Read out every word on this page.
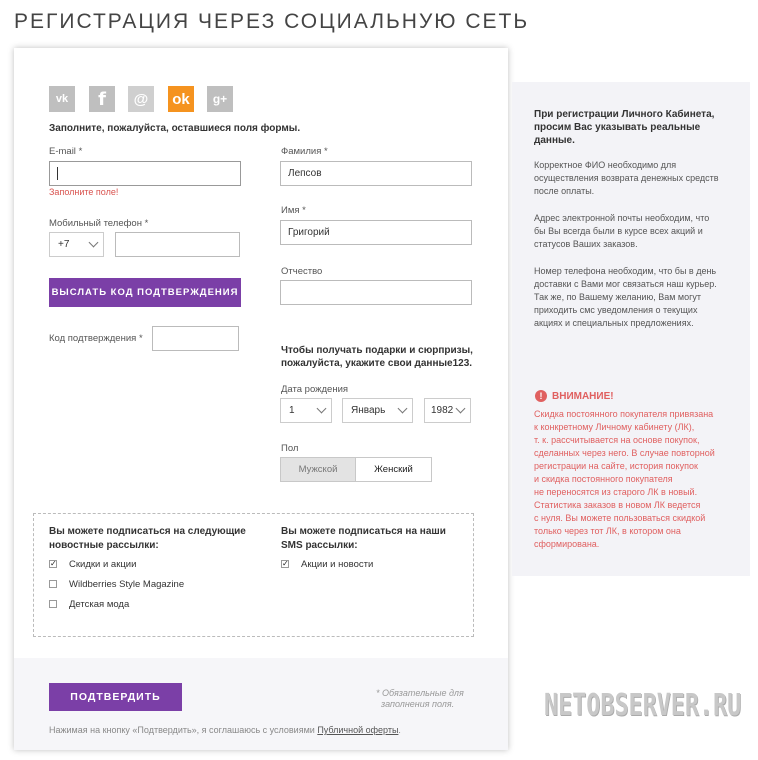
РЕГИСТРАЦИЯ ЧЕРЕЗ СОЦИАЛЬНУЮ СЕТЬ
vk	f	@	ok	g+
Заполните, пожалуйста, оставшиеся поля формы.
E-mail *
Заполните поле!
Мобильный телефон *
+7
ВЫСЛАТЬ КОД ПОДТВЕРЖДЕНИЯ
Код подтверждения *
Фамилия *
Лепсов
Имя *
Григорий
Отчество
Чтобы получать подарки и сюрпризы,
пожалуйста, укажите свои данные123.
Дата рождения
1	Январь	1982
Пол
Мужской	Женский
Вы можете подписаться на следующие
новостные рассылки:
✓ Скидки и акции
Wildberries Style Magazine
Детская мода
Вы можете подписаться на наши
SMS рассылки:
✓ Акции и новости
ПОДТВЕРДИТЬ	* Обязательные для
заполнения поля.
Нажимая на кнопку «Подтвердить», я соглашаюсь с условиями Публичной оферты.
При регистрации Личного Кабинета,
просим Вас указывать реальные
данные.
Корректное ФИО необходимо для
осуществления возврата денежных средств
после оплаты.
Адрес электронной почты необходим, что
бы Вы всегда были в курсе всех акций и
статусов Ваших заказов.
Номер телефона необходим, что бы в день
доставки с Вами мог связаться наш курьер.
Так же, по Вашему желанию, Вам могут
приходить смс уведомления о текущих
акциях и специальных предложениях.
! ВНИМАНИЕ!
Скидка постоянного покупателя привязана
к конкретному Личному кабинету (ЛК),
т. к. рассчитывается на основе покупок,
сделанных через него. В случае повторной
регистрации на сайте, история покупок
и скидка постоянного покупателя
не переносятся из старого ЛК в новый.
Статистика заказов в новом ЛК ведется
с нуля. Вы можете пользоваться скидкой
только через тот ЛК, в котором она
сформирована.
NETOBSERVER.RU
